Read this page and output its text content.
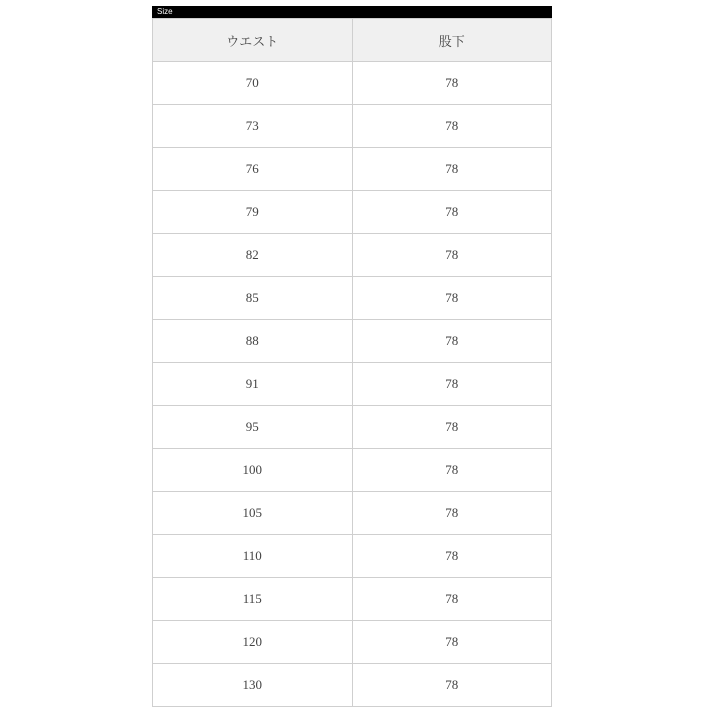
Size
ウエスト	股下
70	78
73	78
76	78
79	78
82	78
85	78
88	78
91	78
95	78
100	78
105	78
110	78
115	78
120	78
130	78
